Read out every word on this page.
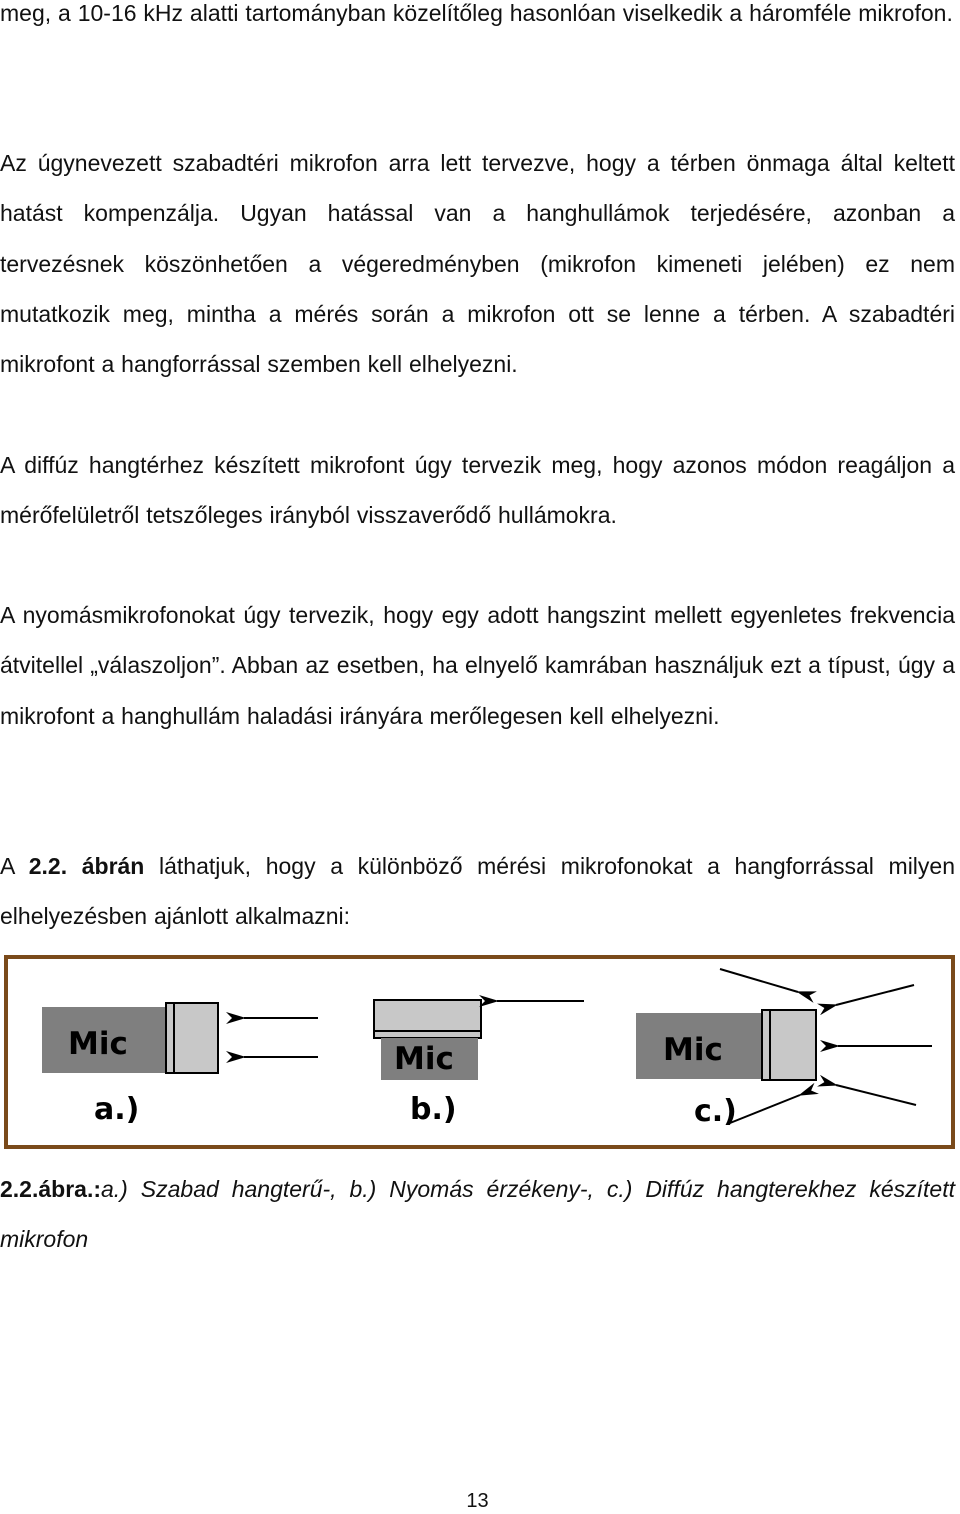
meg, a 10-16 kHz alatti tartományban közelítőleg hasonlóan viselkedik a háromféle mikrofon.

Az úgynevezett szabadtéri mikrofon arra lett tervezve, hogy a térben önmaga által keltett hatást kompenzálja. Ugyan hatással van a hanghullámok terjedésére, azonban a tervezésnek köszönhetően a végeredményben (mikrofon kimeneti jelében) ez nem mutatkozik meg, mintha a mérés során a mikrofon ott se lenne a térben. A szabadtéri mikrofont a hangforrással szemben kell elhelyezni.

A diffúz hangtérhez készített mikrofont úgy tervezik meg, hogy azonos módon reagáljon a mérőfelületről tetszőleges irányból visszaverődő hullámokra.

A nyomásmikrofonokat úgy tervezik, hogy egy adott hangszint mellett egyenletes frekvencia átvitellel „válaszoljon”. Abban az esetben, ha elnyelő kamrában használjuk ezt a típust, úgy a mikrofont a hanghullám haladási irányára merőlegesen kell elhelyezni.

A 2.2. ábrán láthatjuk, hogy a különböző mérési mikrofonokat a hangforrással milyen elhelyezésben ajánlott alkalmazni:

Mic
a.)
Mic
b.)
Mic
c.)

2.2.ábra.:a.) Szabad hangterű-, b.) Nyomás érzékeny-, c.) Diffúz hangterekhez készített mikrofon

13
